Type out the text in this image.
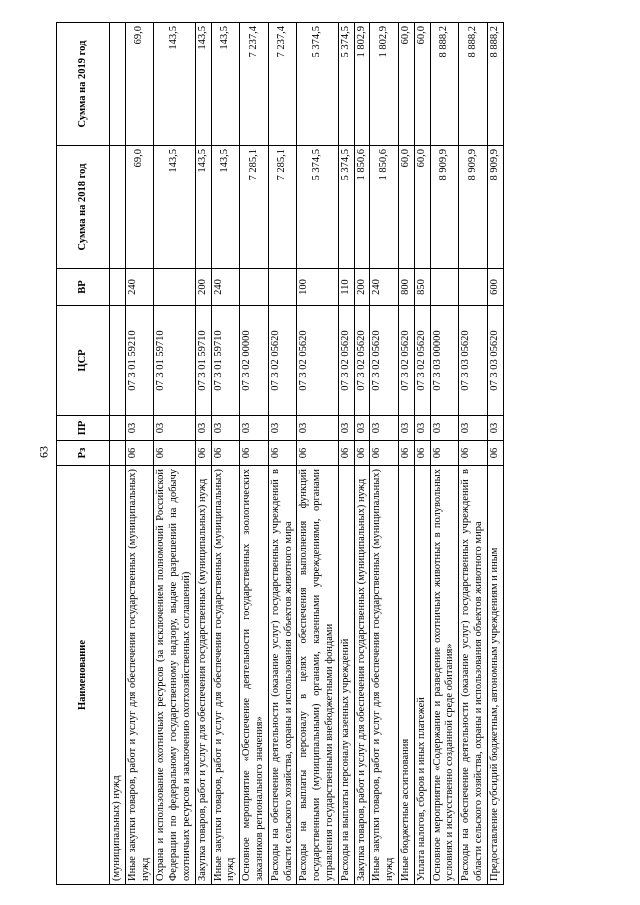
63
Наименование	Рз	ПР	ЦСР	ВР	Сумма на 2018 год	Сумма на 2019 год
(муниципальных) нужд						
Иные закупки товаров, работ и услуг для обеспечения государственных (муниципальных) нужд	06	03	07 3 01 59210	240	69,0	69,0
Охрана и использование охотничьих ресурсов (за исключением полномочий Российской Федерации по федеральному государственному надзору, выдаче разрешений на добычу охотничьих ресурсов и заключению охотхозяйственных соглашений)	06	03	07 3 01 59710		143,5	143,5
Закупка товаров, работ и услуг для обеспечения государственных (муниципальных) нужд	06	03	07 3 01 59710	200	143,5	143,5
Иные закупки товаров, работ и услуг для обеспечения государственных (муниципальных) нужд	06	03	07 3 01 59710	240	143,5	143,5
Основное мероприятие «Обеспечение деятельности государственных зоологических заказников регионального значения»	06	03	07 3 02 00000		7 285,1	7 237,4
Расходы на обеспечение деятельности (оказание услуг) государственных учреждений в области сельского хозяйства, охраны и использования объектов животного мира	06	03	07 3 02 05620		7 285,1	7 237,4
Расходы на выплаты персоналу в целях обеспечения выполнения функций государственными (муниципальными) органами, казенными учреждениями, органами управления государственными внебюджетными фондами	06	03	07 3 02 05620	100	5 374,5	5 374,5
Расходы на выплаты персоналу казенных учреждений	06	03	07 3 02 05620	110	5 374,5	5 374,5
Закупка товаров, работ и услуг для обеспечения государственных (муниципальных) нужд	06	03	07 3 02 05620	200	1 850,6	1 802,9
Иные закупки товаров, работ и услуг для обеспечения государственных (муниципальных) нужд	06	03	07 3 02 05620	240	1 850,6	1 802,9
Иные бюджетные ассигнования	06	03	07 3 02 05620	800	60,0	60,0
Уплата налогов, сборов и иных платежей	06	03	07 3 02 05620	850	60,0	60,0
Основное мероприятие «Содержание и разведение охотничьих животных в полувольных условиях и искусственно созданной среде обитания»	06	03	07 3 03 00000		8 909,9	8 888,2
Расходы на обеспечение деятельности (оказание услуг) государственных учреждений в области сельского хозяйства, охраны и использования объектов животного мира	06	03	07 3 03 05620		8 909,9	8 888,2
Предоставление субсидий бюджетным, автономным учреждениям и иным	06	03	07 3 03 05620	600	8 909,9	8 888,2
